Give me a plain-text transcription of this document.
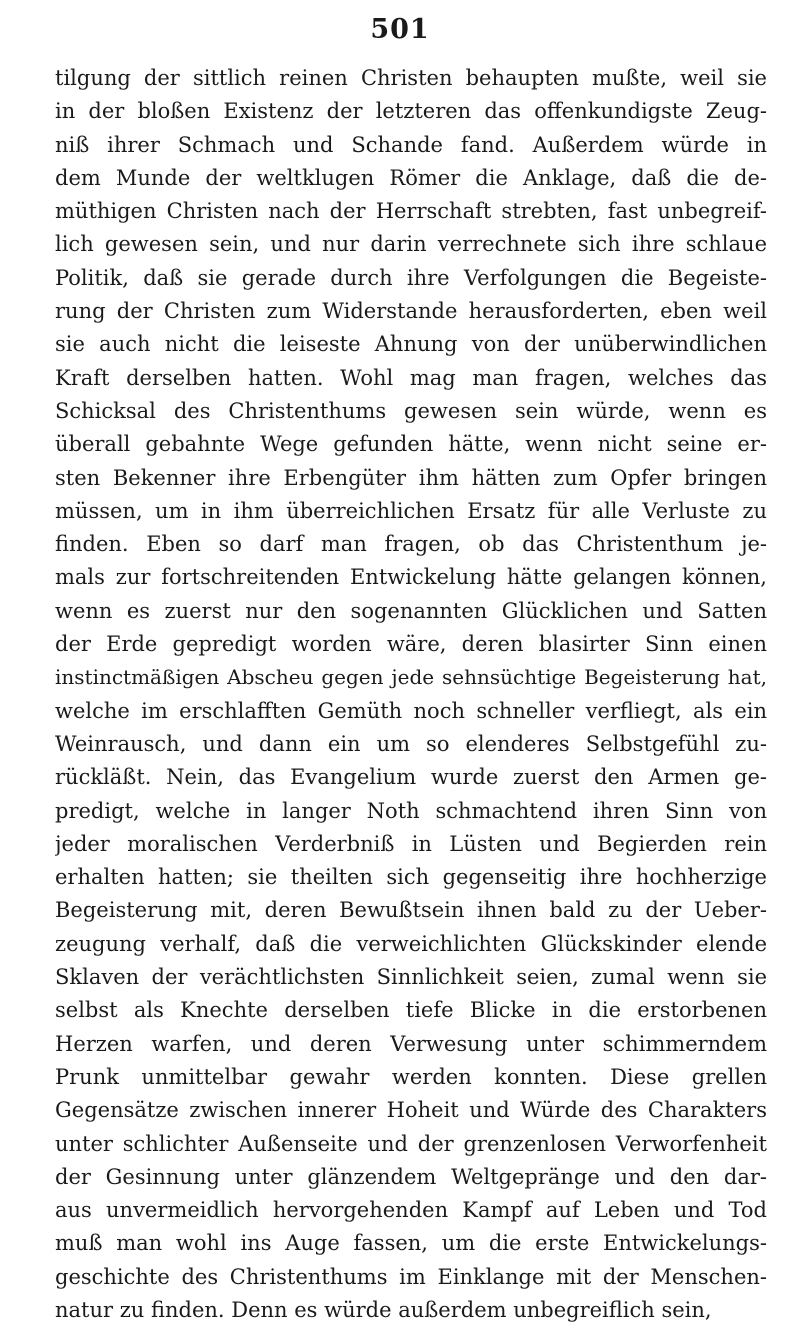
501
tilgung der sittlich reinen Christen behaupten mußte, weil sie
in der bloßen Existenz der letzteren das offenkundigste Zeug-
niß ihrer Schmach und Schande fand. Außerdem würde in
dem Munde der weltklugen Römer die Anklage, daß die de-
müthigen Christen nach der Herrschaft strebten, fast unbegreif-
lich gewesen sein, und nur darin verrechnete sich ihre schlaue
Politik, daß sie gerade durch ihre Verfolgungen die Begeiste-
rung der Christen zum Widerstande herausforderten, eben weil
sie auch nicht die leiseste Ahnung von der unüberwindlichen
Kraft derselben hatten. Wohl mag man fragen, welches das
Schicksal des Christenthums gewesen sein würde, wenn es
überall gebahnte Wege gefunden hätte, wenn nicht seine er-
sten Bekenner ihre Erbengüter ihm hätten zum Opfer bringen
müssen, um in ihm überreichlichen Ersatz für alle Verluste zu
finden. Eben so darf man fragen, ob das Christenthum je-
mals zur fortschreitenden Entwickelung hätte gelangen können,
wenn es zuerst nur den sogenannten Glücklichen und Satten
der Erde gepredigt worden wäre, deren blasirter Sinn einen
instinctmäßigen Abscheu gegen jede sehnsüchtige Begeisterung hat,
welche im erschlafften Gemüth noch schneller verfliegt, als ein
Weinrausch, und dann ein um so elenderes Selbstgefühl zu-
rückläßt. Nein, das Evangelium wurde zuerst den Armen ge-
predigt, welche in langer Noth schmachtend ihren Sinn von
jeder moralischen Verderbniß in Lüsten und Begierden rein
erhalten hatten; sie theilten sich gegenseitig ihre hochherzige
Begeisterung mit, deren Bewußtsein ihnen bald zu der Ueber-
zeugung verhalf, daß die verweichlichten Glückskinder elende
Sklaven der verächtlichsten Sinnlichkeit seien, zumal wenn sie
selbst als Knechte derselben tiefe Blicke in die erstorbenen
Herzen warfen, und deren Verwesung unter schimmerndem
Prunk unmittelbar gewahr werden konnten. Diese grellen
Gegensätze zwischen innerer Hoheit und Würde des Charakters
unter schlichter Außenseite und der grenzenlosen Verworfenheit
der Gesinnung unter glänzendem Weltgepränge und den dar-
aus unvermeidlich hervorgehenden Kampf auf Leben und Tod
muß man wohl ins Auge fassen, um die erste Entwickelungs-
geschichte des Christenthums im Einklange mit der Menschen-
natur zu finden. Denn es würde außerdem unbegreiflich sein,
